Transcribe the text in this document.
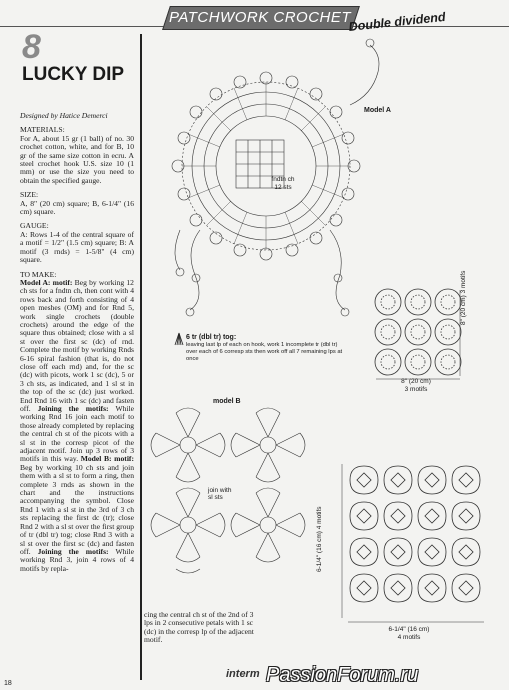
PATCHWORK CROCHET
Double dividend
8
LUCKY DIP

Designed by Hatice Demerci

MATERIALS:
For A, about 15 gr (1 ball) of no. 30 crochet cotton, white, and for B, 10 gr of the same size cotton in ecru. A steel crochet hook U.S. size 10 (1 mm) or use the size you need to obtain the specified gauge.

SIZE:
A, 8" (20 cm) square; B, 6-1/4" (16 cm) square.

GAUGE:
A: Rows 1-4 of the central square of a motif = 1/2" (1.5 cm) square; B: A motif (3 rnds) = 1-5/8" (4 cm) square.

TO MAKE:
Model A: motif: Beg by working 12 ch sts for a fndtn ch, then cont with 4 rows back and forth consisting of 4 open meshes (OM) and for Rnd 5, work single crochets (double crochets) around the edge of the square thus obtained; close with a sl st over the first sc (dc) of rnd. Complete the motif by working Rnds 6-16 spiral fashion (that is, do not close off each rnd) and, for the sc (dc) with picots, work 1 sc (dc), 5 or 3 ch sts, as indicated, and 1 sl st in the top of the sc (dc) just worked. End Rnd 16 with 1 sc (dc) and fasten off. Joining the motifs: While working Rnd 16 join each motif to those already completed by replacing the central ch st of the picots with a sl st in the corresp picot of the adjacent motif. Join up 3 rows of 3 motifs in this way. Model B: motif: Beg by working 10 ch sts and join them with a sl st to form a ring, then complete 3 rnds as shown in the chart and the instructions accompanying the symbol. Close Rnd 1 with a sl st in the 3rd of 3 ch sts replacing the first dc (tr); close Rnd 2 with a sl st over the first group of tr (dbl tr) tog; close Rnd 3 with a sl st over the first sc (dc) and fasten off. Joining the motifs: While working Rnd 3, join 4 rows of 4 motifs by repla-

cing the central ch st of the 2nd of 3 lps in 2 consecutive petals with 1 sc (dc) in the corresp lp of the adjacent motif.
Model A
model B
fndtn ch
12 sts
join with sl sts
6 tr (dbl tr) tog:
leaving last lp of each on hook, work 1 incomplete tr (dbl tr) over each of 6 corresp sts then work off all 7 remaining lps at once
8" (20 cm)
3 motifs
8" (20 cm) 3 motifs
6-1/4" (16 cm)
4 motifs
6-1/4" (16 cm) 4 motifs
18
interm PassionForum.ru
